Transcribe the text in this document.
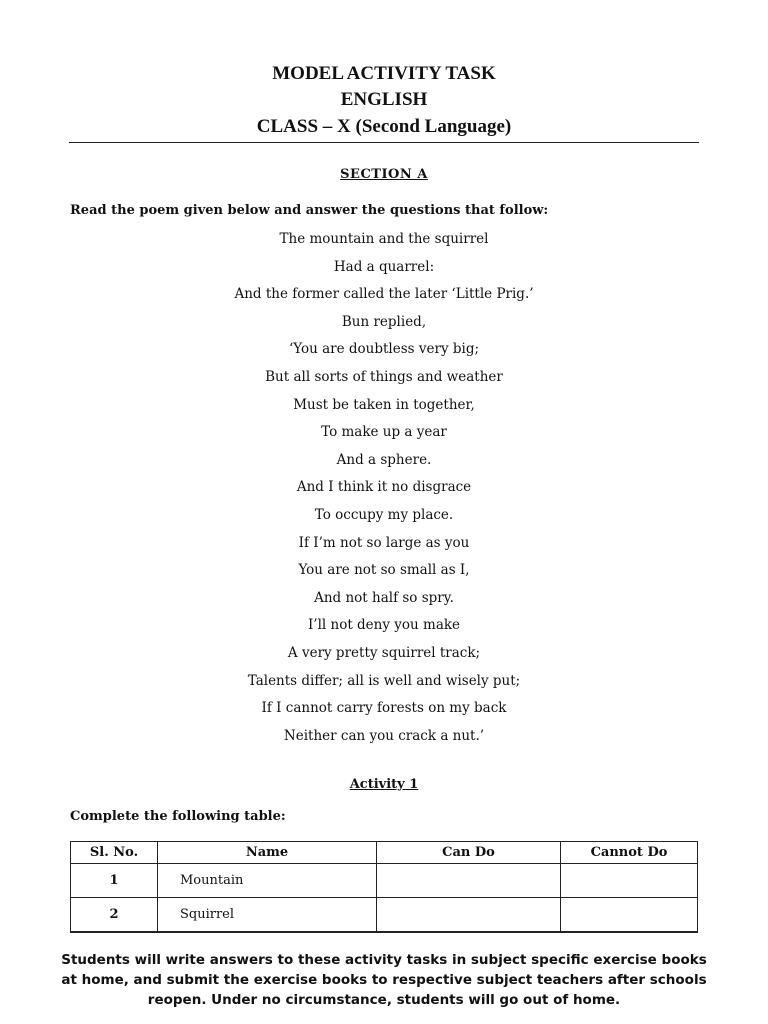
MODEL ACTIVITY TASK
ENGLISH
CLASS – X (Second Language)
SECTION A
Read the poem given below and answer the questions that follow:
The mountain and the squirrel
Had a quarrel:
And the former called the later ‘Little Prig.’
Bun replied,
‘You are doubtless very big;
But all sorts of things and weather
Must be taken in together,
To make up a year
And a sphere.
And I think it no disgrace
To occupy my place.
If I’m not so large as you
You are not so small as I,
And not half so spry.
I’ll not deny you make
A very pretty squirrel track;
Talents differ; all is well and wisely put;
If I cannot carry forests on my back
Neither can you crack a nut.’
Activity 1
Complete the following table:
Sl. No.	Name	Can Do	Cannot Do
1	Mountain		
2	Squirrel		
Students will write answers to these activity tasks in subject specific exercise books at home, and submit the exercise books to respective subject teachers after schools reopen. Under no circumstance, students will go out of home.
